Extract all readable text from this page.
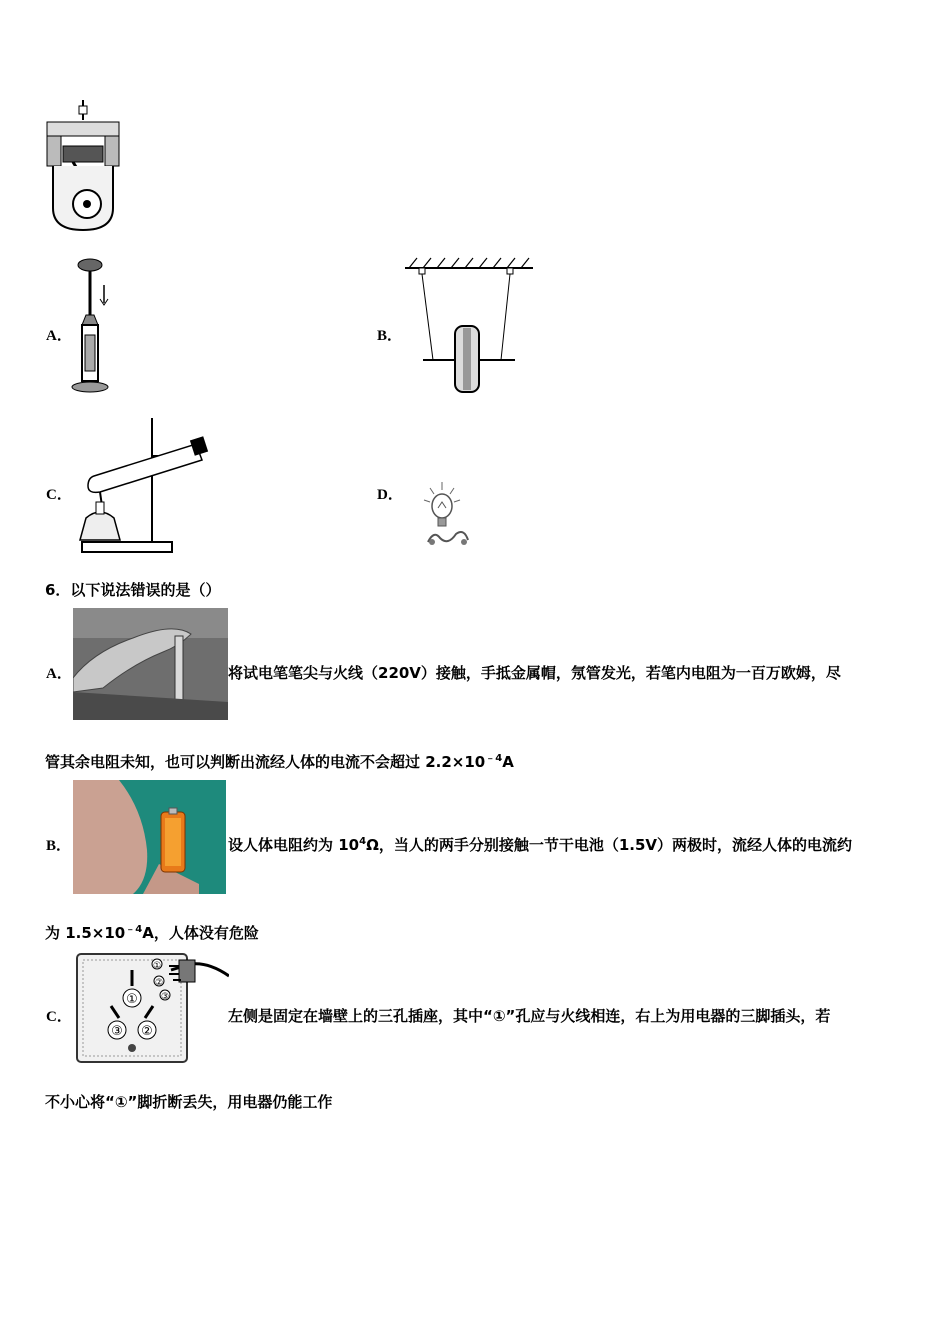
A．	B．
C．	D．
6．以下说法错误的是（）
A．	将试电笔笔尖与火线（220V）接触，手抵金属帽，氖管发光，若笔内电阻为一百万欧姆，尽
管其余电阻未知，也可以判断出流经人体的电流不会超过 $2.2\times 10^{﹣4}A$
B．	设人体电阻约为 $10^4\Omega$，当人的两手分别接触一节干电池（1.5V）两极时，流经人体的电流约
为 $1.5\times 10^{﹣4}A$，人体没有危险
C．
①
③ ②
①
②
③
左侧是固定在墙壁上的三孔插座，其中“①”孔应与火线相连，右上为用电器的三脚插头，若
不小心将“①”脚折断丢失，用电器仍能工作
